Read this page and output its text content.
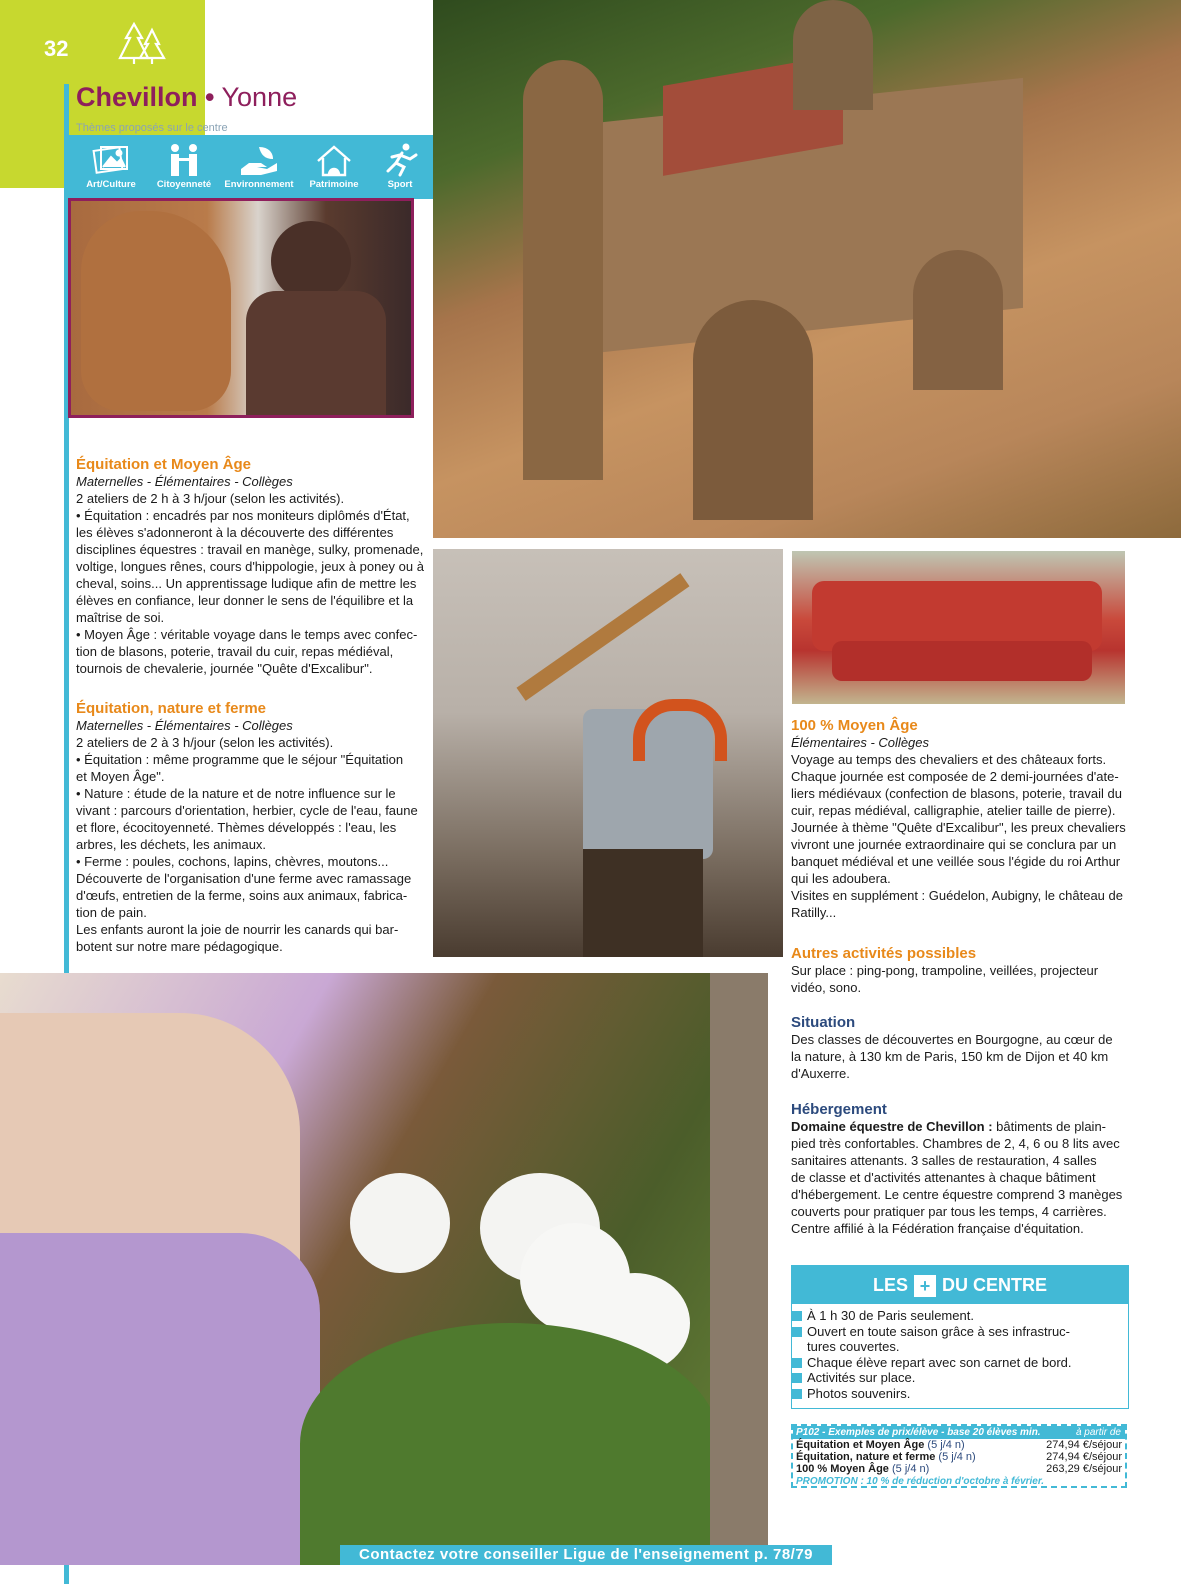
32
Chevillon • Yonne
Thèmes proposés sur le centre
Art/Culture	Citoyenneté	Environnement	Patrimoine	Sport
Équitation et Moyen Âge

Maternelles - Élémentaires - Collèges

2 ateliers de 2 h à 3 h/jour (selon les activités).

• Équitation : encadrés par nos moniteurs diplômés d'État,

les élèves s'adonneront à la découverte des différentes

disciplines équestres : travail en manège, sulky, promenade,

voltige, longues rênes, cours d'hippologie, jeux à poney ou à

cheval, soins... Un apprentissage ludique afin de mettre les

élèves en confiance, leur donner le sens de l'équilibre et la

maîtrise de soi.

• Moyen Âge : véritable voyage dans le temps avec confec-

tion de blasons, poterie, travail du cuir, repas médiéval,

tournois de chevalerie, journée "Quête d'Excalibur".

Équitation, nature et ferme

Maternelles - Élémentaires - Collèges

2 ateliers de 2 à 3 h/jour (selon les activités).

• Équitation : même programme que le séjour "Équitation

et Moyen Âge".

• Nature : étude de la nature et de notre influence sur le

vivant : parcours d'orientation, herbier, cycle de l'eau, faune

et flore, écocitoyenneté. Thèmes développés : l'eau, les

arbres, les déchets, les animaux.

• Ferme : poules, cochons, lapins, chèvres, moutons...

Découverte de l'organisation d'une ferme avec ramassage

d'œufs, entretien de la ferme, soins aux animaux, fabrica-

tion de pain.

Les enfants auront la joie de nourrir les canards qui bar-

botent sur notre mare pédagogique.

100 % Moyen Âge

Élémentaires - Collèges

Voyage au temps des chevaliers et des châteaux forts.

Chaque journée est composée de 2 demi-journées d'ate-

liers médiévaux (confection de blasons, poterie, travail du

cuir, repas médiéval, calligraphie, atelier taille de pierre).

Journée à thème "Quête d'Excalibur", les preux chevaliers

vivront une journée extraordinaire qui se conclura par un

banquet médiéval et une veillée sous l'égide du roi Arthur

qui les adoubera.

Visites en supplément : Guédelon, Aubigny, le château de

Ratilly...

Autres activités possibles

Sur place : ping-pong, trampoline, veillées, projecteur

vidéo, sono.

Situation

Des classes de découvertes en Bourgogne, au cœur de

la nature, à 130 km de Paris, 150 km de Dijon et 40 km

d'Auxerre.

Hébergement

Domaine équestre de Chevillon : bâtiments de plain-

pied très confortables. Chambres de 2, 4, 6 ou 8 lits avec

sanitaires attenants. 3 salles de restauration, 4 salles

de classe et d'activités attenantes à chaque bâtiment

d'hébergement. Le centre équestre comprend 3 manèges

couverts pour pratiquer par tous les temps, 4 carrières.

Centre affilié à la Fédération française d'équitation.

LES + DU CENTRE
À 1 h 30 de Paris seulement.
Ouvert en toute saison grâce à ses infrastruc-
tures couvertes.
Chaque élève repart avec son carnet de bord.
Activités sur place.
Photos souvenirs.
P102 - Exemples de prix/élève - base 20 élèves min.	à partir de
Équitation et Moyen Âge (5 j/4 n)	274,94 €/séjour
Équitation, nature et ferme (5 j/4 n)	274,94 €/séjour
100 % Moyen Âge (5 j/4 n)	263,29 €/séjour
PROMOTION : 10 % de réduction d'octobre à février.
Contactez votre conseiller Ligue de l'enseignement p. 78/79
